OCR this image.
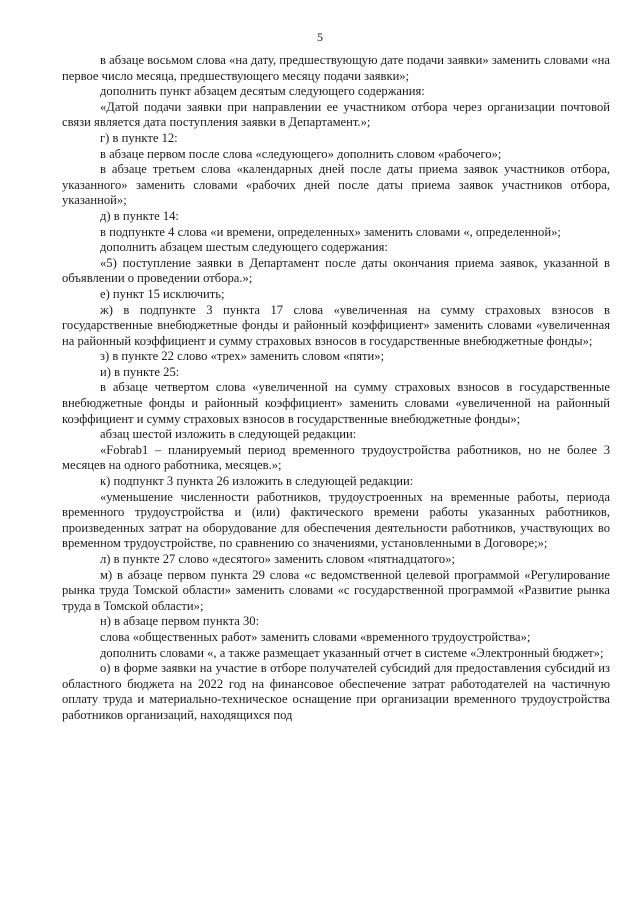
5

в абзаце восьмом слова «на дату, предшествующую дате подачи заявки» заменить словами «на первое число месяца, предшествующего месяцу подачи заявки»;

дополнить пункт абзацем десятым следующего содержания:

«Датой подачи заявки при направлении ее участником отбора через организации почтовой связи является дата поступления заявки в Департамент.»;

г) в пункте 12:

в абзаце первом после слова «следующего» дополнить словом «рабочего»;

в абзаце третьем слова «календарных дней после даты приема заявок участников отбора, указанного» заменить словами «рабочих дней после даты приема заявок участников отбора, указанной»;

д) в пункте 14:

в подпункте 4 слова «и времени, определенных» заменить словами «, определенной»;

дополнить абзацем шестым следующего содержания:

«5) поступление заявки в Департамент после даты окончания приема заявок, указанной в объявлении о проведении отбора.»;

е) пункт 15 исключить;

ж) в подпункте 3 пункта 17 слова «увеличенная на сумму страховых взносов в государственные внебюджетные фонды и районный коэффициент» заменить словами «увеличенная на районный коэффициент и сумму страховых взносов в государственные внебюджетные фонды»;

з) в пункте 22 слово «трех» заменить словом «пяти»;

и) в пункте 25:

в абзаце четвертом слова «увеличенной на сумму страховых взносов в государственные внебюджетные фонды и районный коэффициент» заменить словами «увеличенной на районный коэффициент и сумму страховых взносов в государственные внебюджетные фонды»;

абзац шестой изложить в следующей редакции:

«Fobrab1 – планируемый период временного трудоустройства работников, но не более 3 месяцев на одного работника, месяцев.»;

к) подпункт 3 пункта 26 изложить в следующей редакции:

«уменьшение численности работников, трудоустроенных на временные работы, периода временного трудоустройства и (или) фактического времени работы указанных работников, произведенных затрат на оборудование для обеспечения деятельности работников, участвующих во временном трудоустройстве, по сравнению со значениями, установленными в Договоре;»;

л) в пункте 27 слово «десятого» заменить словом «пятнадцатого»;

м) в абзаце первом пункта 29 слова «с ведомственной целевой программой «Регулирование рынка труда Томской области» заменить словами «с государственной программой «Развитие рынка труда в Томской области»;

н) в абзаце первом пункта 30:

слова «общественных работ» заменить словами «временного трудоустройства»;

дополнить словами «, а также размещает указанный отчет в системе «Электронный бюджет»;

о) в форме заявки на участие в отборе получателей субсидий для предоставления субсидий из областного бюджета на 2022 год на финансовое обеспечение затрат работодателей на частичную оплату труда и материально-техническое оснащение при организации временного трудоустройства работников организаций, находящихся под
